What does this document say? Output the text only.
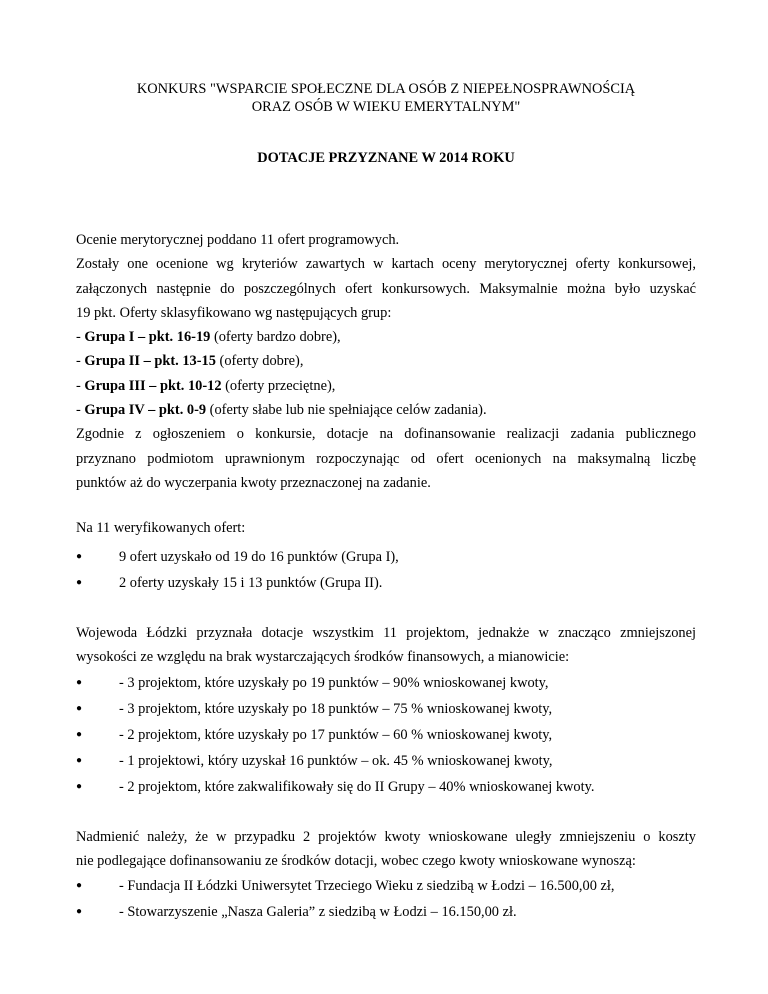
KONKURS "WSPARCIE SPOŁECZNE DLA OSÓB Z NIEPEŁNOSPRAWNOŚCIĄ
ORAZ OSÓB W WIEKU EMERYTALNYM"
DOTACJE PRZYZNANE W 2014 ROKU
Ocenie merytorycznej poddano 11 ofert programowych.
Zostały one ocenione wg kryteriów zawartych w kartach oceny merytorycznej oferty konkursowej,
załączonych następnie do poszczególnych ofert konkursowych. Maksymalnie można było uzyskać
19 pkt. Oferty sklasyfikowano wg następujących grup:
- Grupa I – pkt. 16-19 (oferty bardzo dobre),
- Grupa II – pkt. 13-15 (oferty dobre),
- Grupa III – pkt. 10-12 (oferty przeciętne),
- Grupa IV – pkt. 0-9 (oferty słabe lub nie spełniające celów zadania).
Zgodnie z ogłoszeniem o konkursie, dotacje na dofinansowanie realizacji zadania publicznego
przyznano podmiotom uprawnionym rozpoczynając od ofert ocenionych na maksymalną liczbę
punktów aż do wyczerpania kwoty przeznaczonej na zadanie.
Na 11 weryfikowanych ofert:
●	9 ofert uzyskało od 19 do 16 punktów (Grupa I),
●	2 oferty uzyskały 15 i 13 punktów (Grupa II).
Wojewoda Łódzki przyznała dotacje wszystkim 11 projektom, jednakże w znacząco zmniejszonej
wysokości ze względu na brak wystarczających środków finansowych, a mianowicie:
●	- 3 projektom, które uzyskały po 19 punktów – 90% wnioskowanej kwoty,
●	- 3 projektom, które uzyskały po 18 punktów – 75 % wnioskowanej kwoty,
●	- 2 projektom, które uzyskały po 17 punktów – 60 % wnioskowanej kwoty,
●	- 1 projektowi, który uzyskał 16 punktów – ok. 45 % wnioskowanej kwoty,
●	- 2 projektom, które zakwalifikowały się do II Grupy – 40% wnioskowanej kwoty.
Nadmienić należy, że w przypadku 2 projektów kwoty wnioskowane uległy zmniejszeniu o koszty
nie podlegające dofinansowaniu ze środków dotacji, wobec czego kwoty wnioskowane wynoszą:
●	- Fundacja II Łódzki Uniwersytet Trzeciego Wieku z siedzibą w Łodzi – 16.500,00 zł,
●	- Stowarzyszenie „Nasza Galeria” z siedzibą w Łodzi – 16.150,00 zł.
